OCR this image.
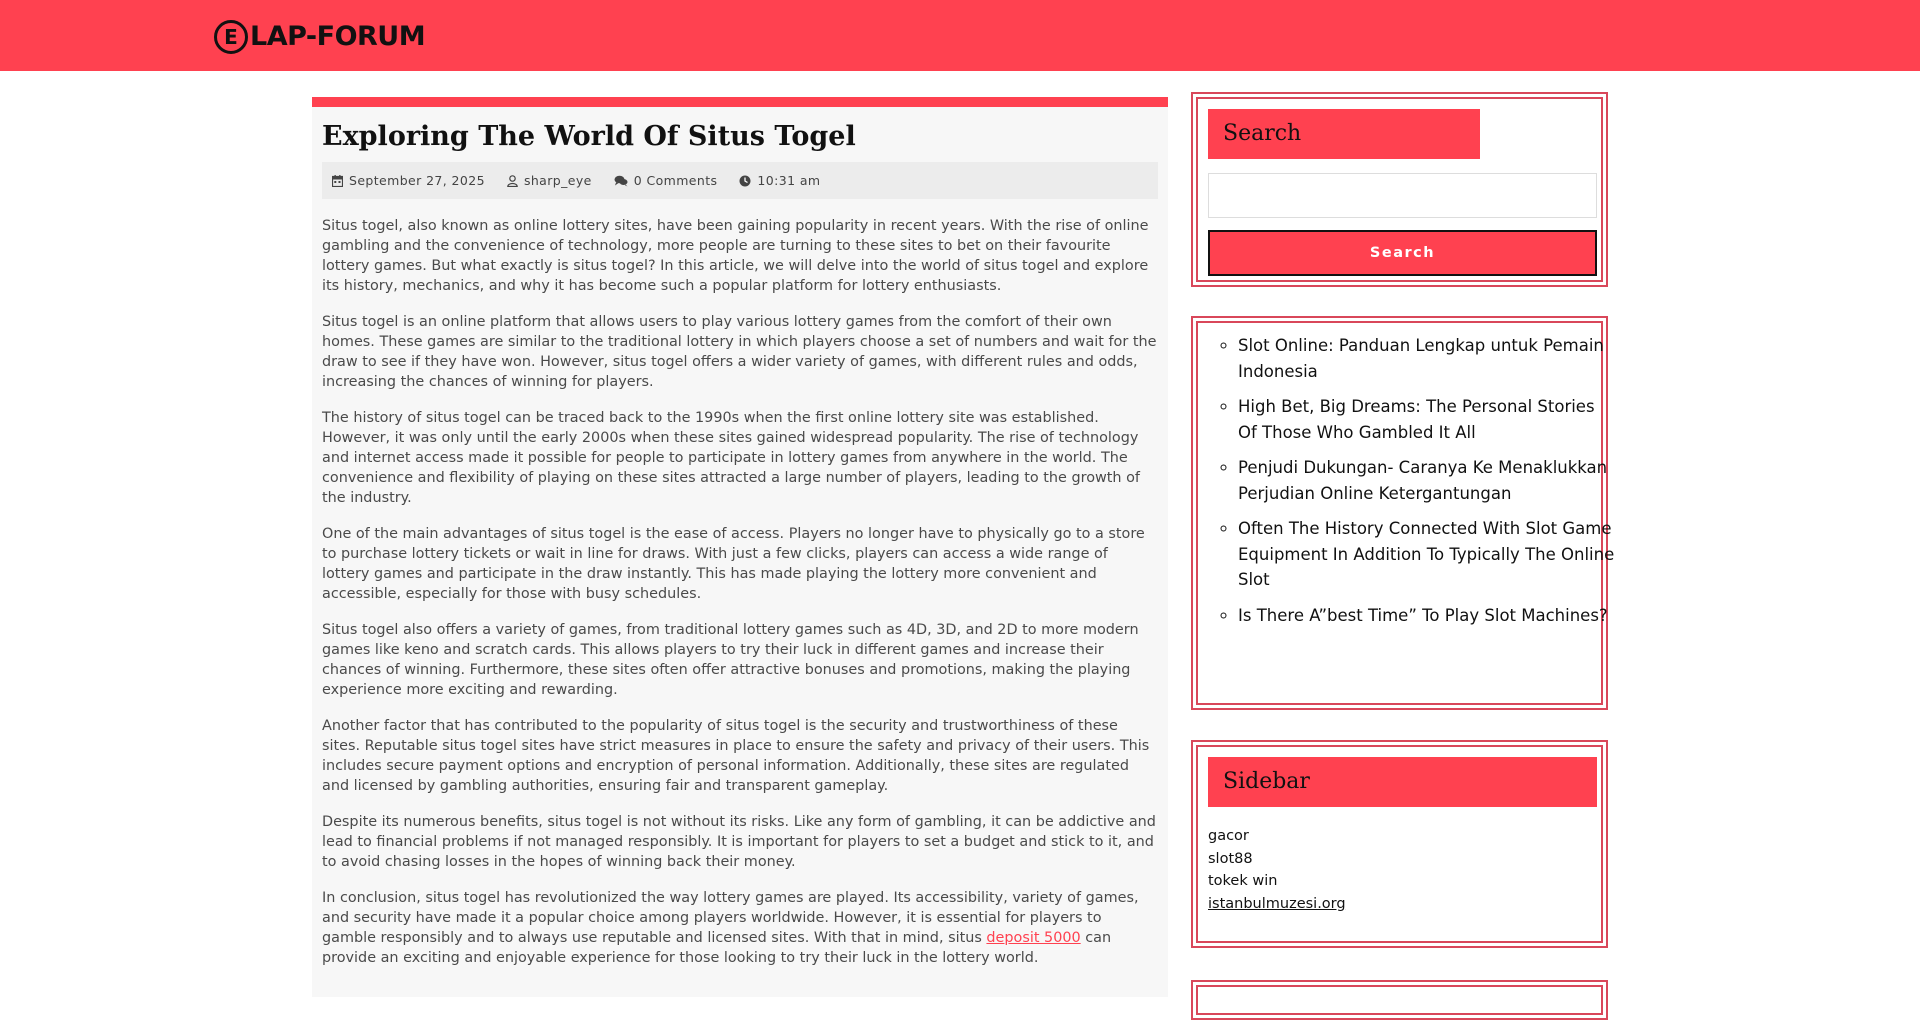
E LAP-FORUM
Exploring The World Of Situs Togel
September 27, 2025	sharp_eye	0 Comments	10:31 am

Situs togel, also known as online lottery sites, have been gaining popularity in recent years. With the rise of online gambling and the convenience of technology, more people are turning to these sites to bet on their favourite lottery games. But what exactly is situs togel? In this article, we will delve into the world of situs togel and explore its history, mechanics, and why it has become such a popular platform for lottery enthusiasts.

Situs togel is an online platform that allows users to play various lottery games from the comfort of their own homes. These games are similar to the traditional lottery in which players choose a set of numbers and wait for the draw to see if they have won. However, situs togel offers a wider variety of games, with different rules and odds, increasing the chances of winning for players.

The history of situs togel can be traced back to the 1990s when the first online lottery site was established. However, it was only until the early 2000s when these sites gained widespread popularity. The rise of technology and internet access made it possible for people to participate in lottery games from anywhere in the world. The convenience and flexibility of playing on these sites attracted a large number of players, leading to the growth of the industry.

One of the main advantages of situs togel is the ease of access. Players no longer have to physically go to a store to purchase lottery tickets or wait in line for draws. With just a few clicks, players can access a wide range of lottery games and participate in the draw instantly. This has made playing the lottery more convenient and accessible, especially for those with busy schedules.

Situs togel also offers a variety of games, from traditional lottery games such as 4D, 3D, and 2D to more modern games like keno and scratch cards. This allows players to try their luck in different games and increase their chances of winning. Furthermore, these sites often offer attractive bonuses and promotions, making the playing experience more exciting and rewarding.

Another factor that has contributed to the popularity of situs togel is the security and trustworthiness of these sites. Reputable situs togel sites have strict measures in place to ensure the safety and privacy of their users. This includes secure payment options and encryption of personal information. Additionally, these sites are regulated and licensed by gambling authorities, ensuring fair and transparent gameplay.

Despite its numerous benefits, situs togel is not without its risks. Like any form of gambling, it can be addictive and lead to financial problems if not managed responsibly. It is important for players to set a budget and stick to it, and to avoid chasing losses in the hopes of winning back their money.

In conclusion, situs togel has revolutionized the way lottery games are played. Its accessibility, variety of games, and security have made it a popular choice among players worldwide. However, it is essential for players to gamble responsibly and to always use reputable and licensed sites. With that in mind, situs deposit 5000 can provide an exciting and enjoyable experience for those looking to try their luck in the lottery world.

Search
Search
◦ Slot Online: Panduan Lengkap untuk Pemain Indonesia
◦ High Bet, Big Dreams: The Personal Stories Of Those Who Gambled It All
◦ Penjudi Dukungan- Caranya Ke Menaklukkan Perjudian Online Ketergantungan
◦ Often The History Connected With Slot Game Equipment In Addition To Typically The Online Slot
◦ Is There A”best Time” To Play Slot Machines?
Sidebar
gacor
slot88
tokek win
istanbulmuzesi.org
